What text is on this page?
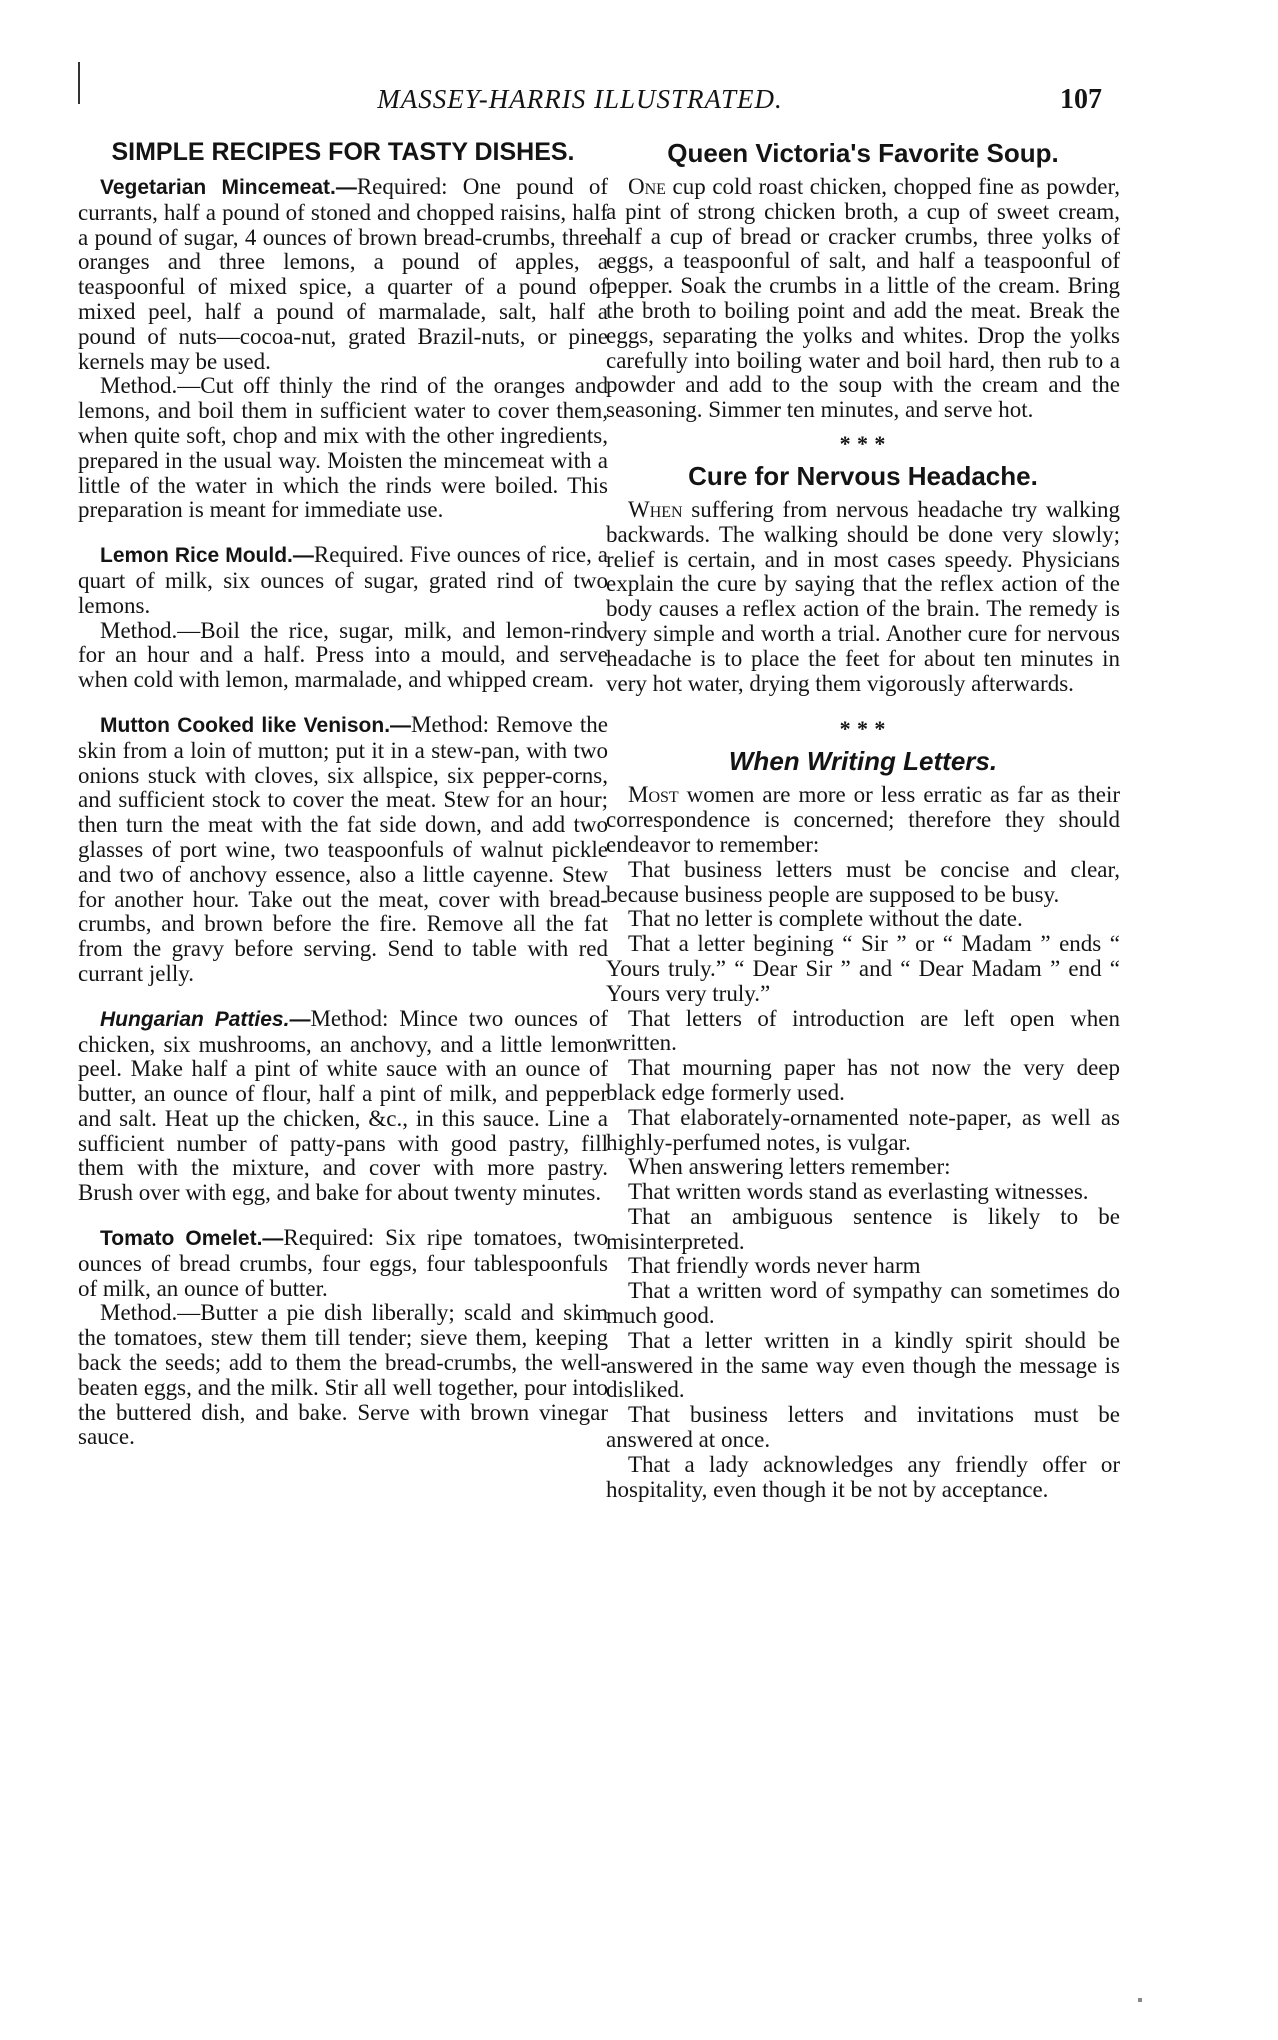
MASSEY-HARRIS ILLUSTRATED.	107
SIMPLE RECIPES FOR TASTY DISHES.

Vegetarian Mincemeat.—Required: One pound of currants, half a pound of stoned and chopped raisins, half a pound of sugar, 4 ounces of brown bread-crumbs, three oranges and three lemons, a pound of apples, a teaspoonful of mixed spice, a quarter of a pound of mixed peel, half a pound of marmalade, salt, half a pound of nuts—cocoa-nut, grated Brazil-nuts, or pine kernels may be used.

Method.—Cut off thinly the rind of the oranges and lemons, and boil them in sufficient water to cover them, when quite soft, chop and mix with the other ingredients, prepared in the usual way. Moisten the mincemeat with a little of the water in which the rinds were boiled. This preparation is meant for immediate use.

Lemon Rice Mould.—Required. Five ounces of rice, a quart of milk, six ounces of sugar, grated rind of two lemons.

Method.—Boil the rice, sugar, milk, and lemon-rind for an hour and a half. Press into a mould, and serve when cold with lemon, marmalade, and whipped cream.

Mutton Cooked like Venison.—Method: Remove the skin from a loin of mutton; put it in a stew-pan, with two onions stuck with cloves, six allspice, six pepper-corns, and sufficient stock to cover the meat. Stew for an hour; then turn the meat with the fat side down, and add two glasses of port wine, two teaspoonfuls of walnut pickle and two of anchovy essence, also a little cayenne. Stew for another hour. Take out the meat, cover with bread-crumbs, and brown before the fire. Remove all the fat from the gravy before serving. Send to table with red currant jelly.

Hungarian Patties.—Method: Mince two ounces of chicken, six mushrooms, an anchovy, and a little lemon peel. Make half a pint of white sauce with an ounce of butter, an ounce of flour, half a pint of milk, and pepper and salt. Heat up the chicken, &c., in this sauce. Line a sufficient number of patty-pans with good pastry, fill them with the mixture, and cover with more pastry. Brush over with egg, and bake for about twenty minutes.

Tomato Omelet.—Required: Six ripe tomatoes, two ounces of bread crumbs, four eggs, four tablespoonfuls of milk, an ounce of butter.

Method.—Butter a pie dish liberally; scald and skim the tomatoes, stew them till tender; sieve them, keeping back the seeds; add to them the bread-crumbs, the well-beaten eggs, and the milk. Stir all well together, pour into the buttered dish, and bake. Serve with brown vinegar sauce.

Queen Victoria's Favorite Soup.

One cup cold roast chicken, chopped fine as powder, a pint of strong chicken broth, a cup of sweet cream, half a cup of bread or cracker crumbs, three yolks of eggs, a teaspoonful of salt, and half a teaspoonful of pepper. Soak the crumbs in a little of the cream. Bring the broth to boiling point and add the meat. Break the eggs, separating the yolks and whites. Drop the yolks carefully into boiling water and boil hard, then rub to a powder and add to the soup with the cream and the seasoning. Simmer ten minutes, and serve hot.

* * *
Cure for Nervous Headache.

When suffering from nervous headache try walking backwards. The walking should be done very slowly; relief is certain, and in most cases speedy. Physicians explain the cure by saying that the reflex action of the body causes a reflex action of the brain. The remedy is very simple and worth a trial. Another cure for nervous headache is to place the feet for about ten minutes in very hot water, drying them vigorously afterwards.

* * *
When Writing Letters.

Most women are more or less erratic as far as their correspondence is concerned; therefore they should endeavor to remember:

That business letters must be concise and clear, because business people are supposed to be busy.

That no letter is complete without the date.

That a letter begining “ Sir ” or “ Madam ” ends “ Yours truly.” “ Dear Sir ” and “ Dear Madam ” end “ Yours very truly.”

That letters of introduction are left open when written.

That mourning paper has not now the very deep black edge formerly used.

That elaborately-ornamented note-paper, as well as highly-perfumed notes, is vulgar.

When answering letters remember:

That written words stand as everlasting witnesses.

That an ambiguous sentence is likely to be misinterpreted.

That friendly words never harm

That a written word of sympathy can sometimes do much good.

That a letter written in a kindly spirit should be answered in the same way even though the message is disliked.

That business letters and invitations must be answered at once.

That a lady acknowledges any friendly offer or hospitality, even though it be not by acceptance.
